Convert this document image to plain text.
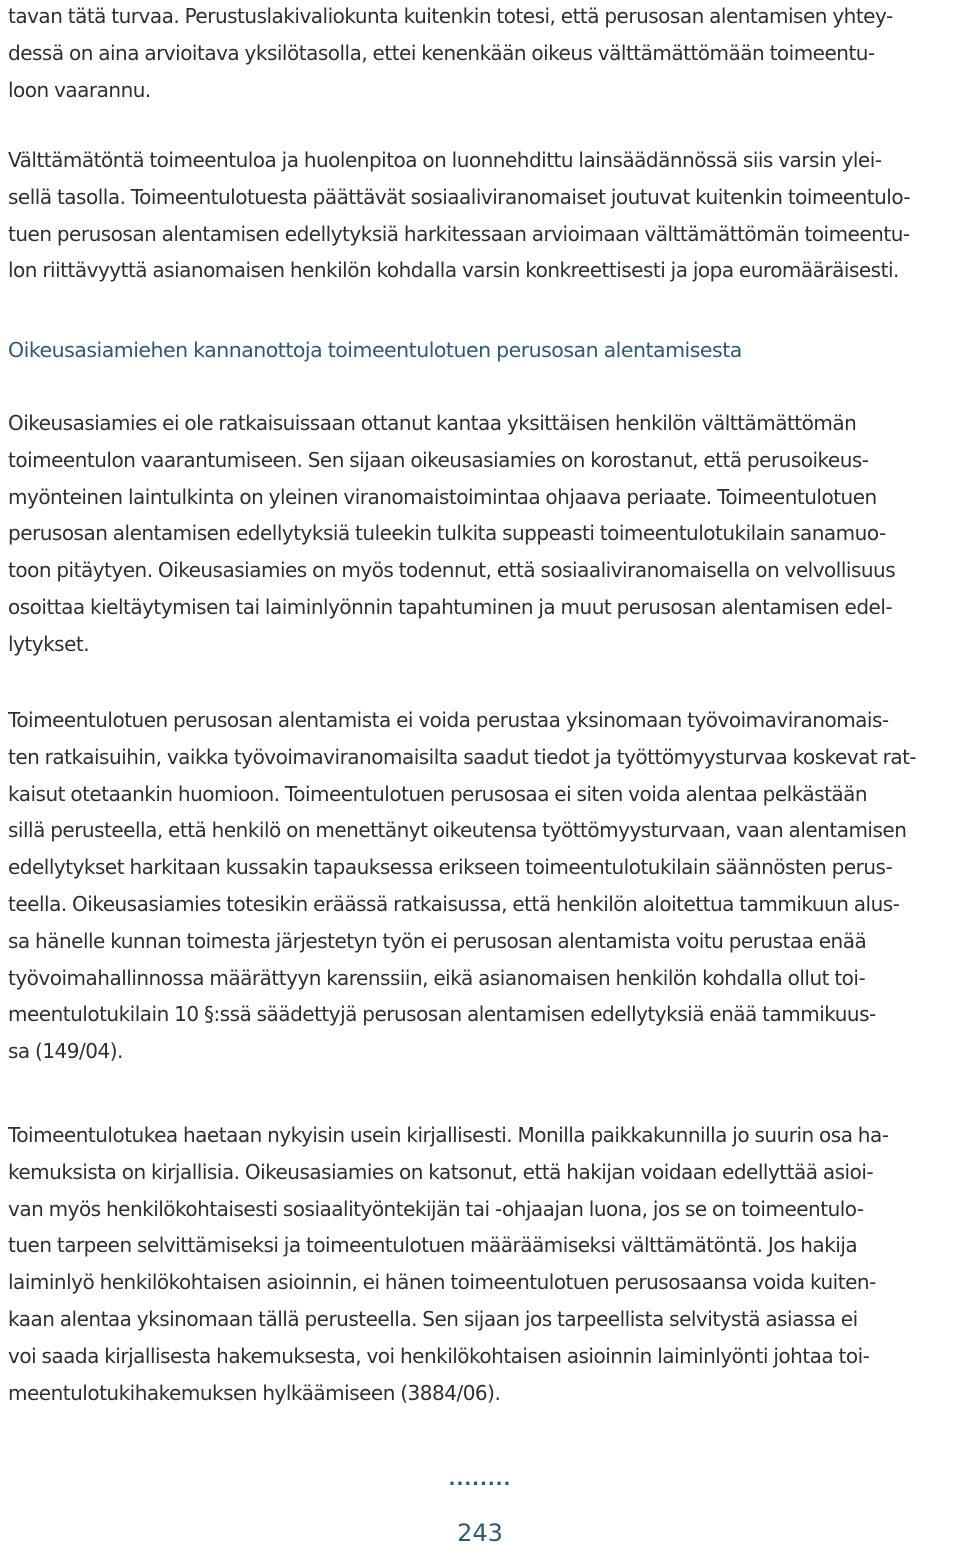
tavan tätä turvaa. Perustuslakivaliokunta kuitenkin totesi, että perusosan alentamisen yhtey-
dessä on aina arvioitava yksilötasolla, ettei kenenkään oikeus välttämättömään toimeentu-
loon vaarannu.

Välttämätöntä toimeentuloa ja huolenpitoa on luonnehdittu lainsäädännössä siis varsin ylei-
sellä tasolla. Toimeentulotuesta päättävät sosiaaliviranomaiset joutuvat kuitenkin toimeentulo-
tuen perusosan alentamisen edellytyksiä harkitessaan arvioimaan välttämättömän toimeentu-
lon riittävyyttä asianomaisen henkilön kohdalla varsin konkreettisesti ja jopa euromääräisesti.

Oikeusasiamiehen kannanottoja toimeentulotuen perusosan alentamisesta

Oikeusasiamies ei ole ratkaisuissaan ottanut kantaa yksittäisen henkilön välttämättömän
toimeentulon vaarantumiseen. Sen sijaan oikeusasiamies on korostanut, että perusoikeus-
myönteinen laintulkinta on yleinen viranomaistoimintaa ohjaava periaate. Toimeentulotuen
perusosan alentamisen edellytyksiä tuleekin tulkita suppeasti toimeentulotukilain sanamuo-
toon pitäytyen. Oikeusasiamies on myös todennut, että sosiaaliviranomaisella on velvollisuus
osoittaa kieltäytymisen tai laiminlyönnin tapahtuminen ja muut perusosan alentamisen edel-
lytykset.

Toimeentulotuen perusosan alentamista ei voida perustaa yksinomaan työvoimaviranomais-
ten ratkaisuihin, vaikka työvoimaviranomaisilta saadut tiedot ja työttömyysturvaa koskevat rat-
kaisut otetaankin huomioon. Toimeentulotuen perusosaa ei siten voida alentaa pelkästään
sillä perusteella, että henkilö on menettänyt oikeutensa työttömyysturvaan, vaan alentamisen
edellytykset harkitaan kussakin tapauksessa erikseen toimeentulotukilain säännösten perus-
teella. Oikeusasiamies totesikin eräässä ratkaisussa, että henkilön aloitettua tammikuun alus-
sa hänelle kunnan toimesta järjestetyn työn ei perusosan alentamista voitu perustaa enää
työvoimahallinnossa määrättyyn karenssiin, eikä asianomaisen henkilön kohdalla ollut toi-
meentulotukilain 10 §:ssä säädettyjä perusosan alentamisen edellytyksiä enää tammikuus-
sa (149/04).

Toimeentulotukea haetaan nykyisin usein kirjallisesti. Monilla paikkakunnilla jo suurin osa ha-
kemuksista on kirjallisia. Oikeusasiamies on katsonut, että hakijan voidaan edellyttää asioi-
van myös henkilökohtaisesti sosiaalityöntekijän tai -ohjaajan luona, jos se on toimeentulo-
tuen tarpeen selvittämiseksi ja toimeentulotuen määräämiseksi välttämätöntä. Jos hakija
laiminlyö henkilökohtaisen asioinnin, ei hänen toimeentulotuen perusosaansa voida kuiten-
kaan alentaa yksinomaan tällä perusteella. Sen sijaan jos tarpeellista selvitystä asiassa ei
voi saada kirjallisesta hakemuksesta, voi henkilökohtaisen asioinnin laiminlyönti johtaa toi-
meentulotukihakemuksen hylkäämiseen (3884/06).

........
243
